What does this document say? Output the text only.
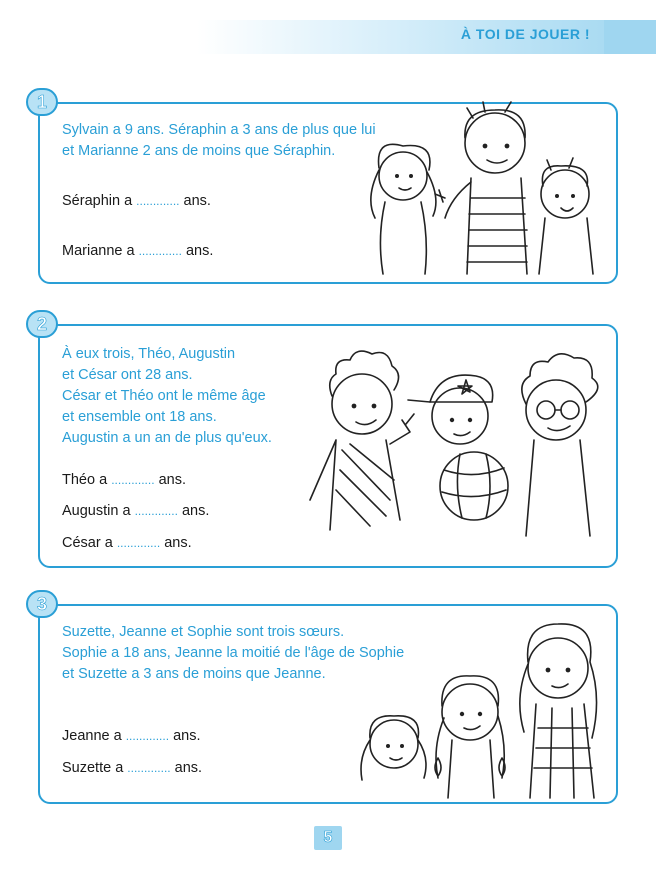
À TOI DE JOUER !
1
Sylvain a 9 ans. Séraphin a 3 ans de plus que lui
et Marianne 2 ans de moins que Séraphin.
Séraphin a ............. ans.
Marianne a ............. ans.
2
À eux trois, Théo, Augustin
et César ont 28 ans.
César et Théo ont le même âge
et ensemble ont 18 ans.
Augustin a un an de plus qu'eux.
Théo a ............. ans.
Augustin a ............. ans.
César a ............. ans.
3
Suzette, Jeanne et Sophie sont trois sœurs.
Sophie a 18 ans, Jeanne la moitié de l'âge de Sophie
et Suzette a 3 ans de moins que Jeanne.
Jeanne a ............. ans.
Suzette a ............. ans.
5
